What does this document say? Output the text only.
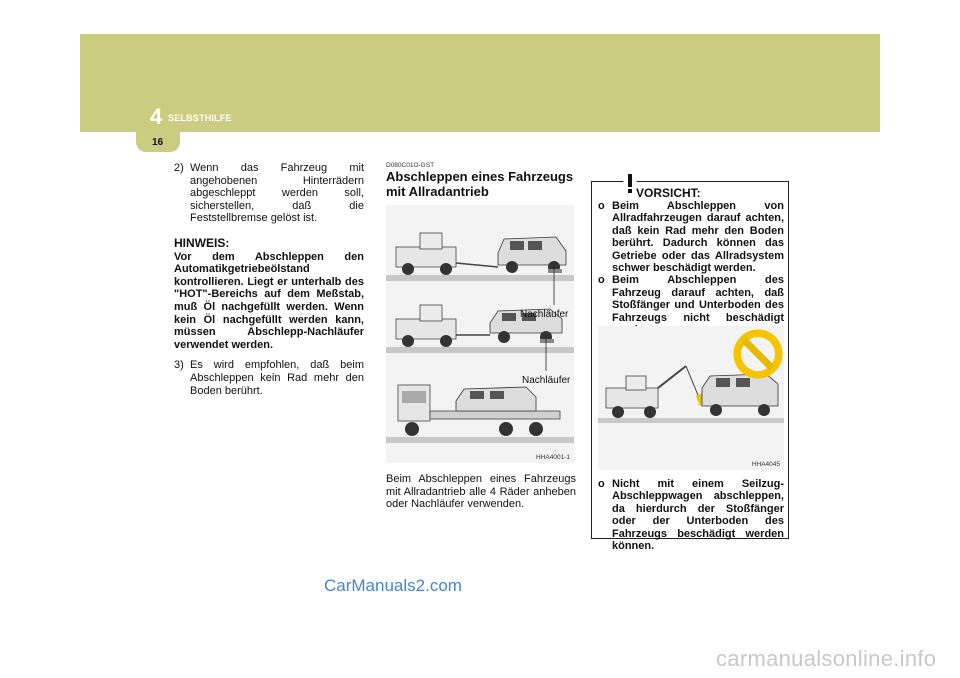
4 SELBSTHILFE
16
2) Wenn das Fahrzeug mit angehobenen Hinterrädern abgeschleppt werden soll, sicherstellen, daß die Feststellbremse gelöst ist.
HINWEIS:
Vor dem Abschleppen den Automatikgetriebeölstand kontrollieren. Liegt er unterhalb des "HOT"-Bereichs auf dem Meßstab, muß Öl nachgefüllt werden. Wenn kein Öl nachgefüllt werden kann, müssen Abschlepp-Nachläufer verwendet werden.
3) Es wird empfohlen, daß beim Abschleppen kein Rad mehr den Boden berührt.
D080C01O-GST
Abschleppen eines Fahrzeugs mit Allradantrieb
Nachläufer
Nachläufer
HHA4001-1
Beim Abschleppen eines Fahrzeugs mit Allradantrieb alle 4 Räder anheben oder Nachläufer verwenden.
VORSICHT:
o Beim Abschleppen von Allradfahrzeugen darauf achten, daß kein Rad mehr den Boden berührt. Dadurch können das Getriebe oder das Allradsystem schwer beschädigt werden.
o Beim Abschleppen des Fahrzeug darauf achten, daß Stoßfänger und Unterboden des Fahrzeugs nicht beschädigt
HHA4045
o Nicht mit einem Seilzug-Abschleppwagen abschleppen, da hierdurch der Stoßfänger oder der Unterboden des Fahrzeugs beschädigt werden können.
CarManuals2.com
carmanualsonline.info
